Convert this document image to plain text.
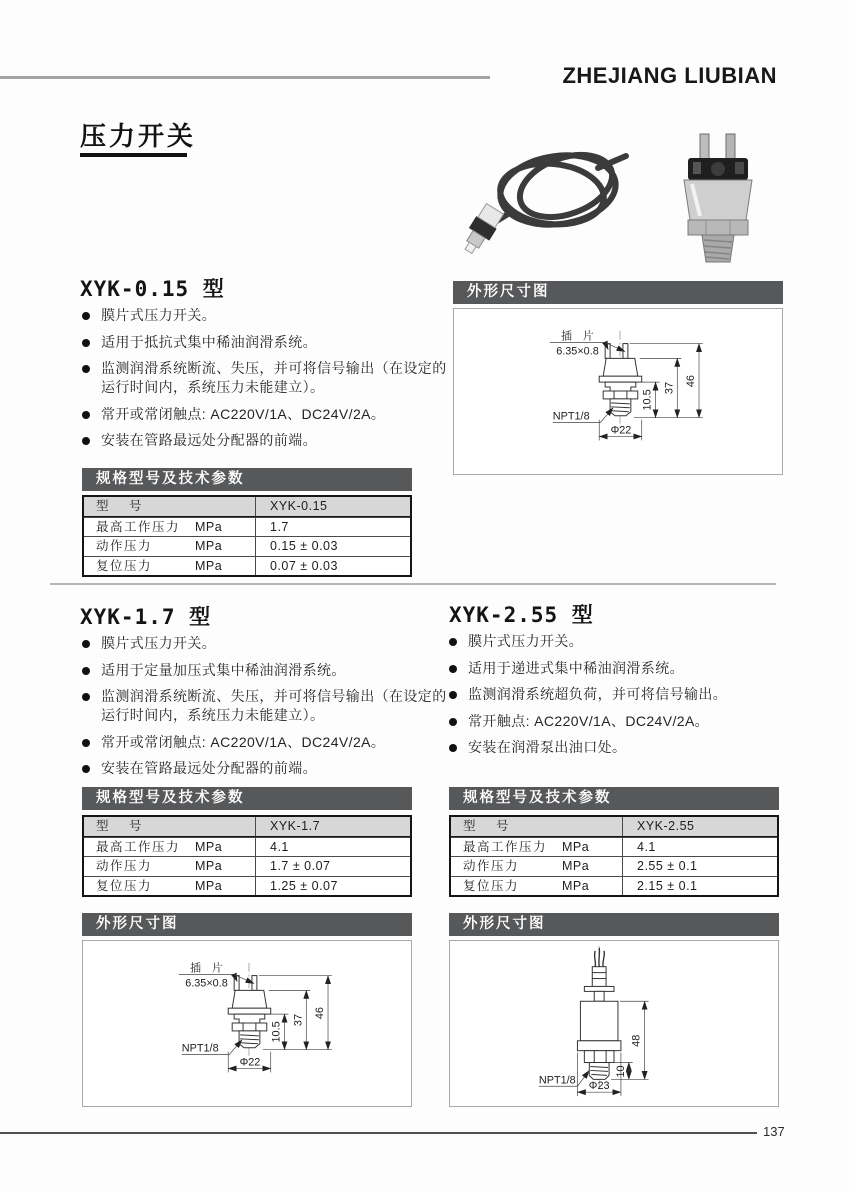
ZHEJIANG LIUBIAN
压力开关
XYK-0.15 型
膜片式压力开关。
适用于抵抗式集中稀油润滑系统。
监测润滑系统断流、失压，并可将信号输出（在设定的运行时间内，系统压力未能建立）。
常开或常闭触点: AC220V/1A、DC24V/2A。
安装在管路最远处分配器的前端。
外形尺寸图
插　片
6.35×0.8
10.5
37
46
Φ22
NPT1/8
规格型号及技术参数
型　号	XYK-0.15
最高工作压力 MPa	1.7
动作压力	MPa	0.15 ± 0.03
复位压力	MPa	0.07 ± 0.03
XYK-1.7 型
膜片式压力开关。
适用于定量加压式集中稀油润滑系统。
监测润滑系统断流、失压，并可将信号输出（在设定的运行时间内，系统压力未能建立）。
常开或常闭触点: AC220V/1A、DC24V/2A。
安装在管路最远处分配器的前端。
XYK-2.55 型
膜片式压力开关。
适用于递进式集中稀油润滑系统。
监测润滑系统超负荷，并可将信号输出。
常开触点: AC220V/1A、DC24V/2A。
安装在润滑泵出油口处。
规格型号及技术参数
型　号	XYK-1.7
最高工作压力 MPa	4.1
动作压力	MPa	1.7 ± 0.07
复位压力	MPa	1.25 ± 0.07
规格型号及技术参数
型　号	XYK-2.55
最高工作压力 MPa	4.1
动作压力	MPa	2.55 ± 0.1
复位压力	MPa	2.15 ± 0.1
外形尺寸图
插　片
6.35×0.8
10.5
37
46
Φ22
NPT1/8
外形尺寸图
10
48
Φ23
NPT1/8
137
